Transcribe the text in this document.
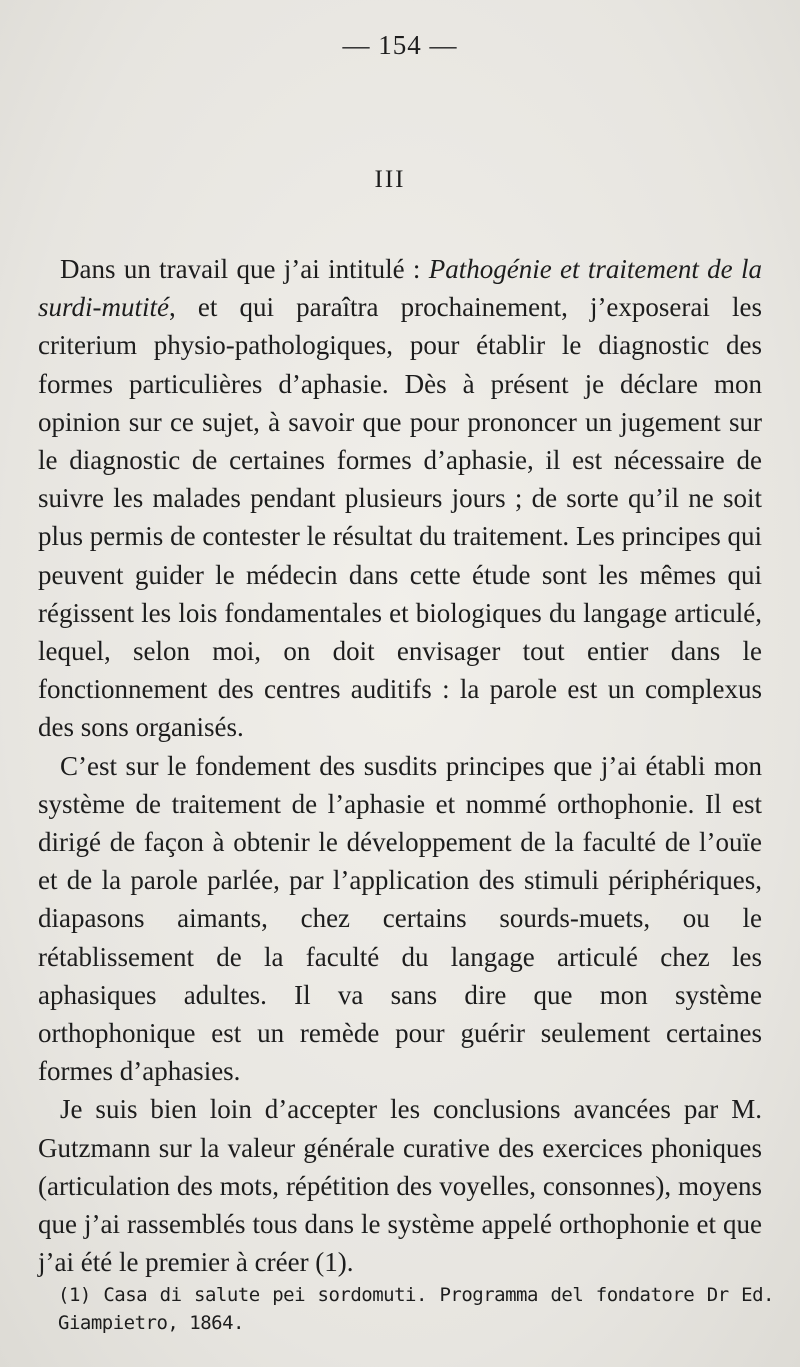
— 154 —
III

Dans un travail que j’ai intitulé : Pathogénie et traitement de la surdi-mutité, et qui paraîtra prochainement, j’exposerai les criterium physio-pathologiques, pour établir le diagnostic des formes particulières d’aphasie. Dès à présent je déclare mon opinion sur ce sujet, à savoir que pour prononcer un jugement sur le diagnostic de certaines formes d’aphasie, il est nécessaire de suivre les malades pendant plusieurs jours ; de sorte qu’il ne soit plus permis de contester le résultat du traitement. Les principes qui peuvent guider le médecin dans cette étude sont les mêmes qui régissent les lois fondamentales et biologiques du langage articulé, lequel, selon moi, on doit envisager tout entier dans le fonctionnement des centres auditifs : la parole est un complexus des sons organisés.

C’est sur le fondement des susdits principes que j’ai établi mon système de traitement de l’aphasie et nommé orthophonie. Il est dirigé de façon à obtenir le développement de la faculté de l’ouïe et de la parole parlée, par l’application des stimuli périphériques, diapasons aimants, chez certains sourds-muets, ou le rétablissement de la faculté du langage articulé chez les aphasiques adultes. Il va sans dire que mon système orthophonique est un remède pour guérir seulement certaines formes d’aphasies.

Je suis bien loin d’accepter les conclusions avancées par M. Gutzmann sur la valeur générale curative des exercices phoniques (articulation des mots, répétition des voyelles, consonnes), moyens que j’ai rassemblés tous dans le système appelé orthophonie et que j’ai été le premier à créer (1).

(1) Casa di salute pei sordomuti. Programma del fondatore Dr Ed. Giampietro, 1864.
